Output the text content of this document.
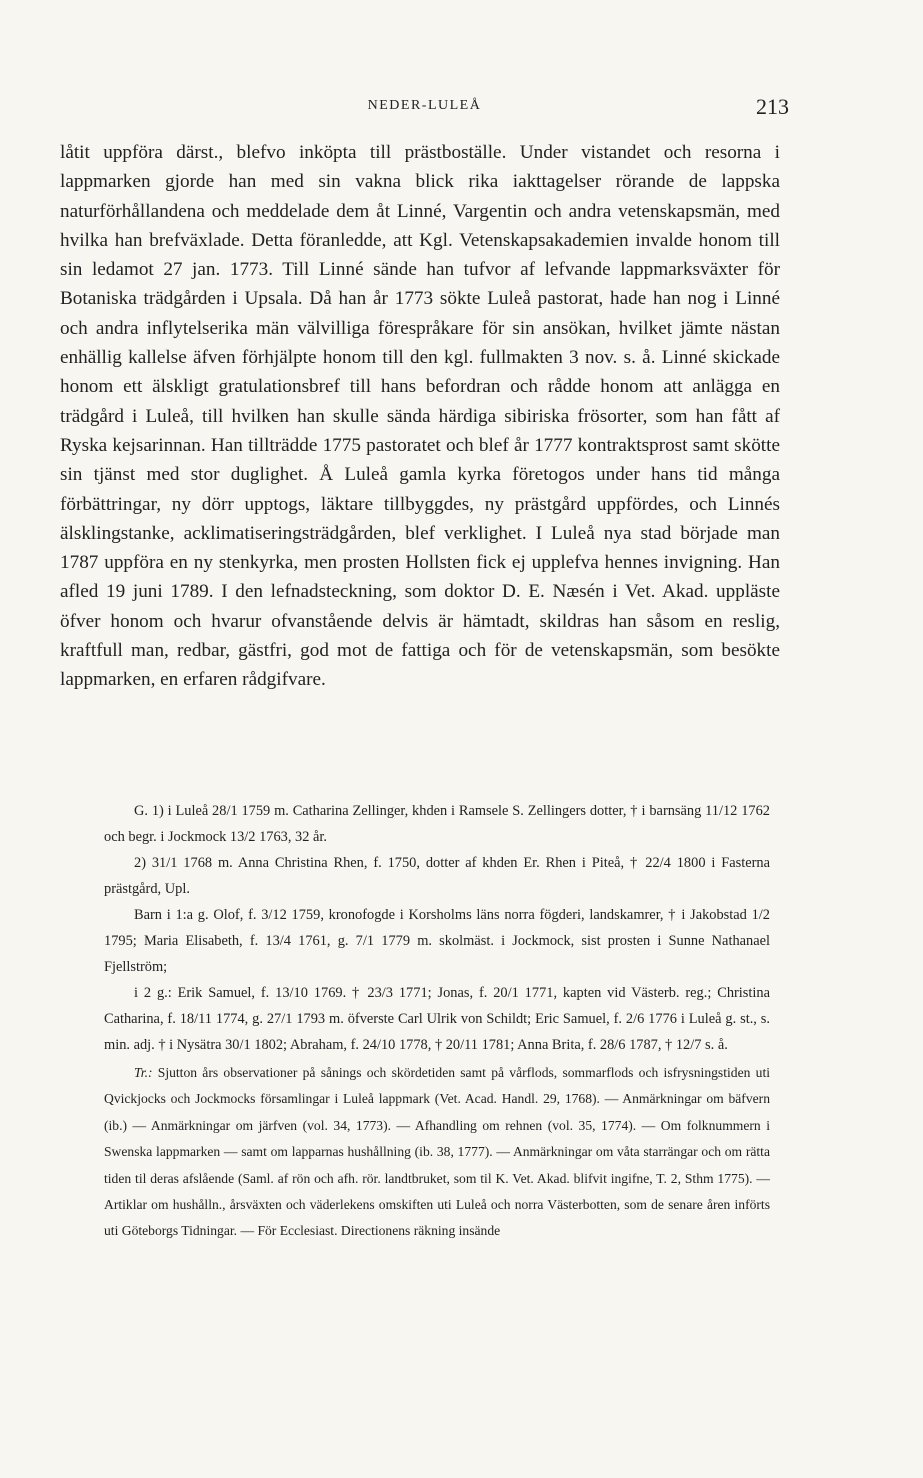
NEDER-LULEÅ	213

låtit uppföra därst., blefvo inköpta till prästboställe. Under vistandet och resorna i lappmarken gjorde han med sin vakna blick rika iakttagelser rörande de lappska naturförhållandena och meddelade dem åt Linné, Vargentin och andra vetenskapsmän, med hvilka han brefväxlade. Detta föranledde, att Kgl. Vetenskapsakademien invalde honom till sin ledamot 27 jan. 1773. Till Linné sände han tufvor af lefvande lappmarksväxter för Botaniska trädgården i Upsala. Då han år 1773 sökte Luleå pastorat, hade han nog i Linné och andra inflytelserika män välvilliga förespråkare för sin ansökan, hvilket jämte nästan enhällig kallelse äfven förhjälpte honom till den kgl. fullmakten 3 nov. s. å. Linné skickade honom ett älskligt gratulationsbref till hans befordran och rådde honom att anlägga en trädgård i Luleå, till hvilken han skulle sända härdiga sibiriska frösorter, som han fått af Ryska kejsarinnan. Han tillträdde 1775 pastoratet och blef år 1777 kontraktsprost samt skötte sin tjänst med stor duglighet. Å Luleå gamla kyrka företogos under hans tid många förbättringar, ny dörr upptogs, läktare tillbyggdes, ny prästgård uppfördes, och Linnés älsklingstanke, acklimatiseringsträdgården, blef verklighet. I Luleå nya stad började man 1787 uppföra en ny stenkyrka, men prosten Hollsten fick ej upplefva hennes invigning. Han afled 19 juni 1789. I den lefnadsteckning, som doktor D. E. Næsén i Vet. Akad. uppläste öfver honom och hvarur ofvanstående delvis är hämtadt, skildras han såsom en reslig, kraftfull man, redbar, gästfri, god mot de fattiga och för de vetenskapsmän, som besökte lappmarken, en erfaren rådgifvare.

G. 1) i Luleå 28/1 1759 m. Catharina Zellinger, khden i Ramsele S. Zellingers dotter, † i barnsäng 11/12 1762 och begr. i Jockmock 13/2 1763, 32 år.

2) 31/1 1768 m. Anna Christina Rhen, f. 1750, dotter af khden Er. Rhen i Piteå, † 22/4 1800 i Fasterna prästgård, Upl.

Barn i 1:a g. Olof, f. 3/12 1759, kronofogde i Korsholms läns norra fögderi, landskamrer, † i Jakobstad 1/2 1795; Maria Elisabeth, f. 13/4 1761, g. 7/1 1779 m. skolmäst. i Jockmock, sist prosten i Sunne Nathanael Fjellström;

i 2 g.: Erik Samuel, f. 13/10 1769. † 23/3 1771; Jonas, f. 20/1 1771, kapten vid Västerb. reg.; Christina Catharina, f. 18/11 1774, g. 27/1 1793 m. öfverste Carl Ulrik von Schildt; Eric Samuel, f. 2/6 1776 i Luleå g. st., s. min. adj. † i Nysätra 30/1 1802; Abraham, f. 24/10 1778, † 20/11 1781; Anna Brita, f. 28/6 1787, † 12/7 s. å.

Tr.: Sjutton års observationer på sånings och skördetiden samt på vårflods, sommarflods och isfrysningstiden uti Qvickjocks och Jockmocks församlingar i Luleå lappmark (Vet. Acad. Handl. 29, 1768). — Anmärkningar om bäfvern (ib.) — Anmärkningar om järfven (vol. 34, 1773). — Afhandling om rehnen (vol. 35, 1774). — Om folknummern i Swenska lappmarken — samt om lapparnas hushållning (ib. 38, 1777). — Anmärkningar om våta starrängar och om rätta tiden til deras afslående (Saml. af rön och afh. rör. landtbruket, som til K. Vet. Akad. blifvit ingifne, T. 2, Sthm 1775). — Artiklar om hushålln., årsväxten och väderlekens omskiften uti Luleå och norra Västerbotten, som de senare åren införts uti Göteborgs Tidningar. — För Ecclesiast. Directionens räkning insände
